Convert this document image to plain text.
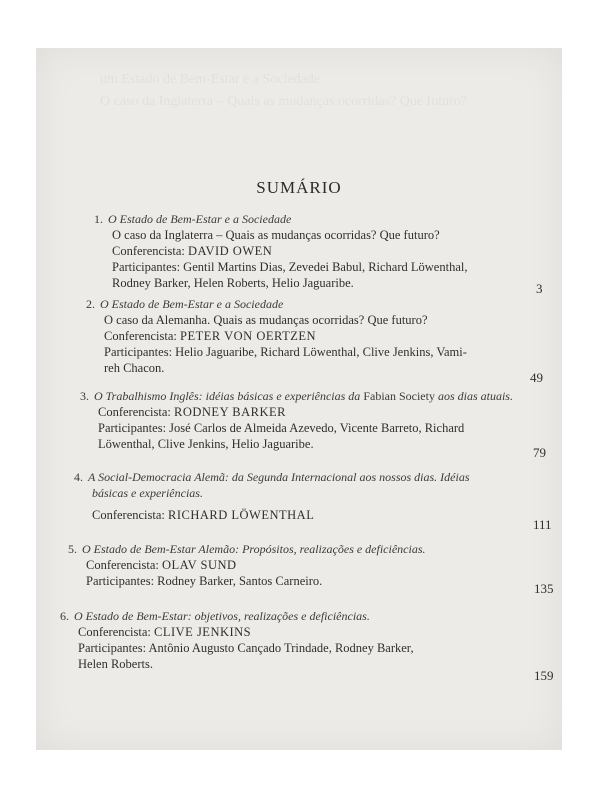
um Estado de Bem-Estar e a Sociedade
O caso da Inglaterra – Quais as mudanças ocorridas? Que futuro?
SUMÁRIO
1. O Estado de Bem-Estar e a Sociedade
O caso da Inglaterra – Quais as mudanças ocorridas? Que futuro?
Conferencista: DAVID OWEN
Participantes: Gentil Martins Dias, Zevedei Babul, Richard Löwenthal,
Rodney Barker, Helen Roberts, Helio Jaguaribe.	3
2. O Estado de Bem-Estar e a Sociedade
O caso da Alemanha. Quais as mudanças ocorridas? Que futuro?
Conferencista: PETER VON OERTZEN
Participantes: Helio Jaguaribe, Richard Löwenthal, Clive Jenkins, Vami-
reh Chacon.
49
3. O Trabalhismo Inglês: idéias básicas e experiências da Fabian Society aos dias atuais.
Conferencista: RODNEY BARKER
Participantes: José Carlos de Almeida Azevedo, Vicente Barreto, Richard
Löwenthal, Clive Jenkins, Helio Jaguaribe.
79
4. A Social-Democracia Alemã: da Segunda Internacional aos nossos dias. Idéias
básicas e experiências.
Conferencista: RICHARD LÖWENTHAL
111
5. O Estado de Bem-Estar Alemão: Propósitos, realizações e deficiências.
Conferencista: OLAV SUND
Participantes: Rodney Barker, Santos Carneiro.	135
6. O Estado de Bem-Estar: objetivos, realizações e deficiências.
Conferencista: CLIVE JENKINS
Participantes: Antônio Augusto Cançado Trindade, Rodney Barker,
Helen Roberts.
159
